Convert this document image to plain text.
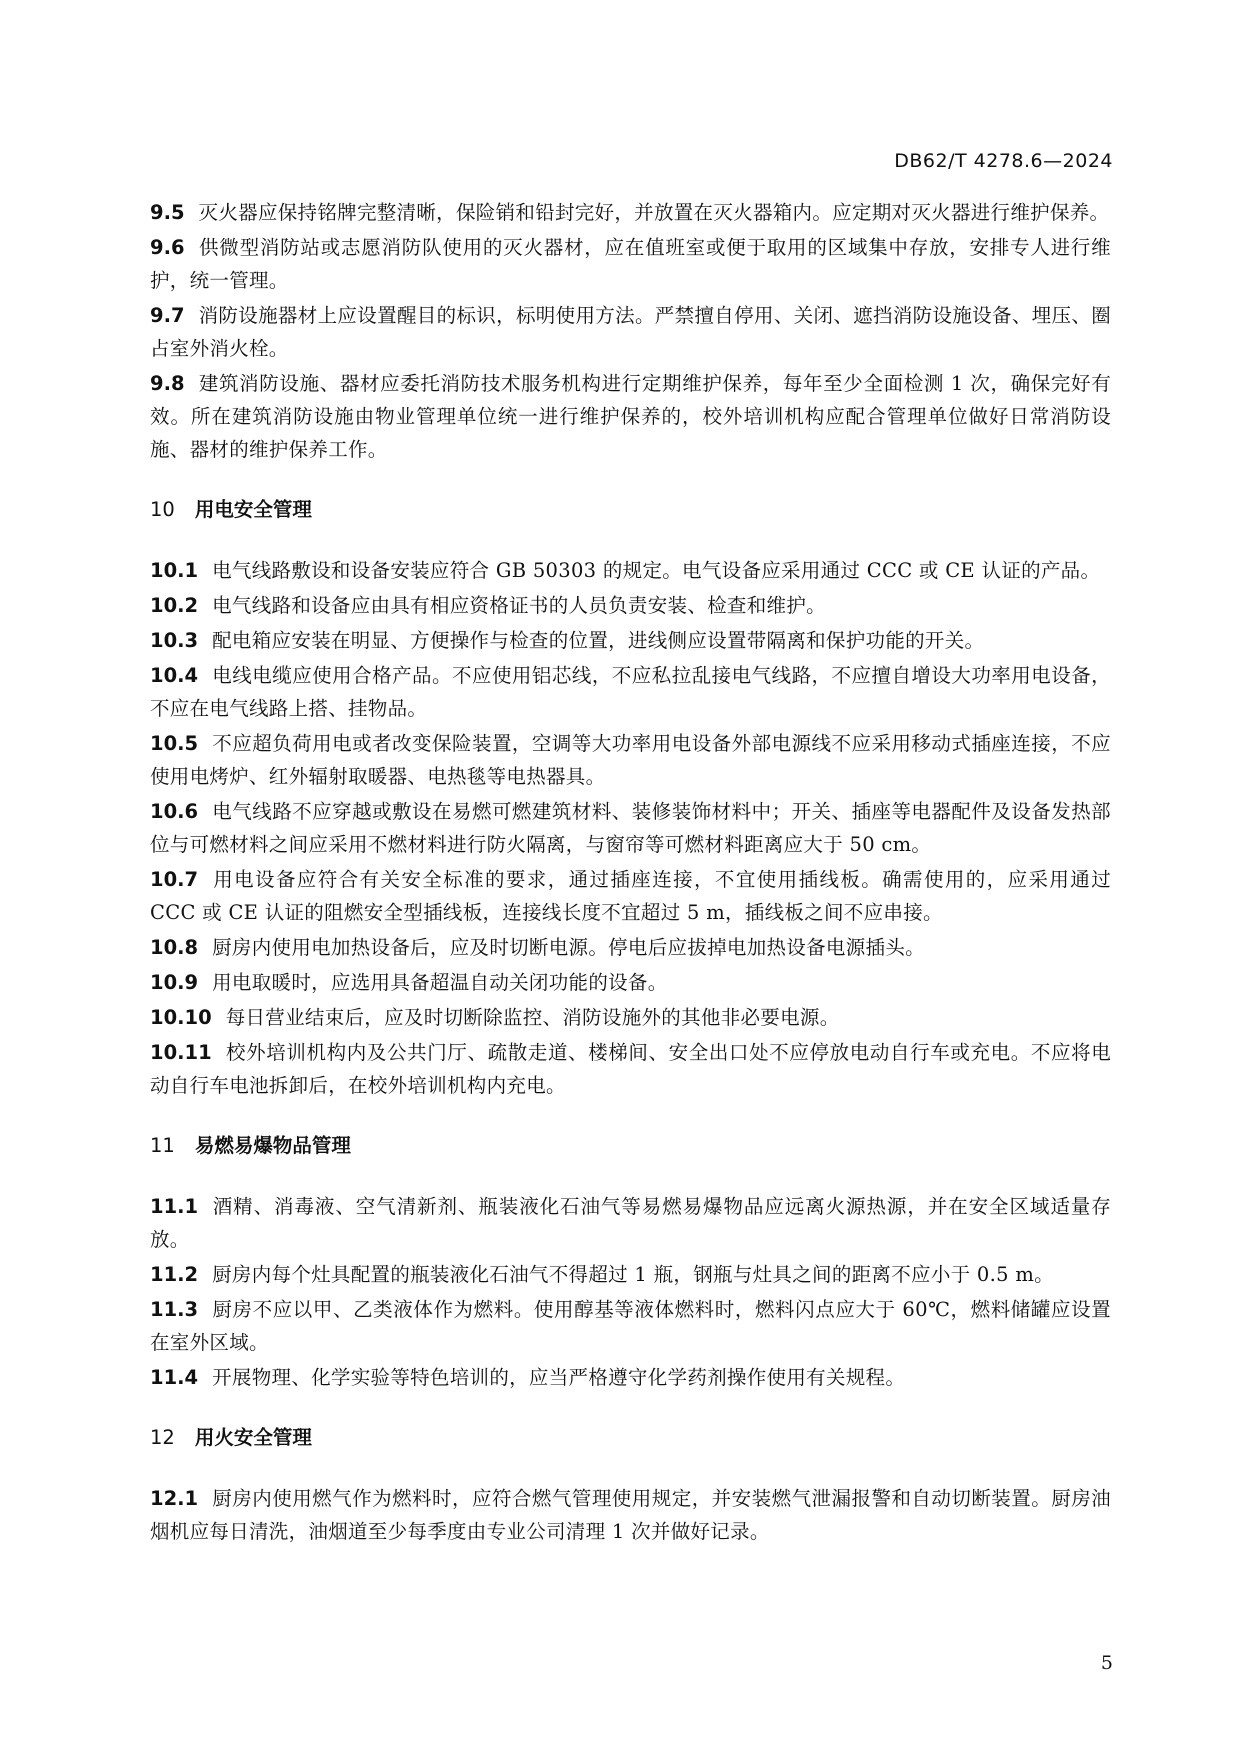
DB62/T 4278.6—2024

9.5 灭火器应保持铭牌完整清晰，保险销和铅封完好，并放置在灭火器箱内。应定期对灭火器进行维护保养。

9.6 供微型消防站或志愿消防队使用的灭火器材，应在值班室或便于取用的区域集中存放，安排专人进行维护，统一管理。

9.7 消防设施器材上应设置醒目的标识，标明使用方法。严禁擅自停用、关闭、遮挡消防设施设备、埋压、圈占室外消火栓。

9.8 建筑消防设施、器材应委托消防技术服务机构进行定期维护保养，每年至少全面检测 1 次，确保完好有效。所在建筑消防设施由物业管理单位统一进行维护保养的，校外培训机构应配合管理单位做好日常消防设施、器材的维护保养工作。

10 用电安全管理

10.1 电气线路敷设和设备安装应符合 GB 50303 的规定。电气设备应采用通过 CCC 或 CE 认证的产品。

10.2 电气线路和设备应由具有相应资格证书的人员负责安装、检查和维护。

10.3 配电箱应安装在明显、方便操作与检查的位置，进线侧应设置带隔离和保护功能的开关。

10.4 电线电缆应使用合格产品。不应使用铝芯线，不应私拉乱接电气线路，不应擅自增设大功率用电设备，不应在电气线路上搭、挂物品。

10.5 不应超负荷用电或者改变保险装置，空调等大功率用电设备外部电源线不应采用移动式插座连接，不应使用电烤炉、红外辐射取暖器、电热毯等电热器具。

10.6 电气线路不应穿越或敷设在易燃可燃建筑材料、装修装饰材料中；开关、插座等电器配件及设备发热部位与可燃材料之间应采用不燃材料进行防火隔离，与窗帘等可燃材料距离应大于 50 cm。

10.7 用电设备应符合有关安全标准的要求，通过插座连接，不宜使用插线板。确需使用的，应采用通过 CCC 或 CE 认证的阻燃安全型插线板，连接线长度不宜超过 5 m，插线板之间不应串接。

10.8 厨房内使用电加热设备后，应及时切断电源。停电后应拔掉电加热设备电源插头。

10.9 用电取暖时，应选用具备超温自动关闭功能的设备。

10.10 每日营业结束后，应及时切断除监控、消防设施外的其他非必要电源。

10.11 校外培训机构内及公共门厅、疏散走道、楼梯间、安全出口处不应停放电动自行车或充电。不应将电动自行车电池拆卸后，在校外培训机构内充电。

11 易燃易爆物品管理

11.1 酒精、消毒液、空气清新剂、瓶装液化石油气等易燃易爆物品应远离火源热源，并在安全区域适量存放。

11.2 厨房内每个灶具配置的瓶装液化石油气不得超过 1 瓶，钢瓶与灶具之间的距离不应小于 0.5 m。

11.3 厨房不应以甲、乙类液体作为燃料。使用醇基等液体燃料时，燃料闪点应大于 60℃，燃料储罐应设置在室外区域。

11.4 开展物理、化学实验等特色培训的，应当严格遵守化学药剂操作使用有关规程。

12 用火安全管理

12.1 厨房内使用燃气作为燃料时，应符合燃气管理使用规定，并安装燃气泄漏报警和自动切断装置。厨房油烟机应每日清洗，油烟道至少每季度由专业公司清理 1 次并做好记录。

5
